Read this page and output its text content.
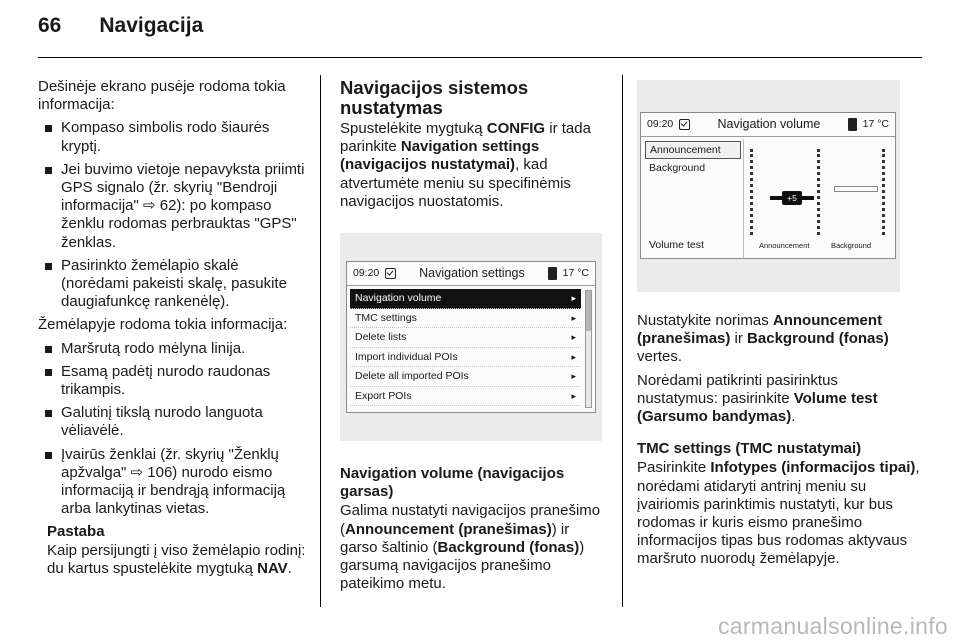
66 Navigacija

Dešinėje ekrano pusėje rodoma tokia informacija:

Kompaso simbolis rodo šiaurės kryptį.
Jei buvimo vietoje nepavyksta priimti GPS signalo (žr. skyrių "Bendroji informacija" ⇨ 62): po kompaso ženklu rodomas perbrauktas "GPS" ženklas.
Pasirinkto žemėlapio skalė (norėdami pakeisti skalę, pasukite daugiafunkcę rankenėlę).

Žemėlapyje rodoma tokia informacija:

Maršrutą rodo mėlyna linija.
Esamą padėtį nurodo raudonas trikampis.
Galutinį tikslą nurodo languota vėliavėlė.
Įvairūs ženklai (žr. skyrių "Ženklų apžvalga" ⇨ 106) nurodo eismo informaciją ir bendrąją informaciją arba lankytinas vietas.
Pastaba
Kaip persijungti į viso žemėlapio rodinį: du kartus spustelėkite mygtuką NAV.
Navigacijos sistemos nustatymas

Spustelėkite mygtuką CONFIG ir tada parinkite Navigation settings (navigacijos nustatymai), kad atvertumėte meniu su specifinėmis navigacijos nuostatomis.

09:20	Navigation settings	17 °C
Navigation volume	▸
TMC settings	▸
Delete lists	▸
Import individual POIs	▸
Delete all imported POIs	▸
Export POIs	▸
Navigation volume (navigacijos garsas)

Galima nustatyti navigacijos pranešimo (Announcement (pranešimas)) ir garso šaltinio (Background (fonas)) garsumą navigacijos pranešimo pateikimo metu.

09:20	Navigation volume	17 °C
Announcement
Background
Volume test
+5
Announcement	Background

Nustatykite norimas Announcement (pranešimas) ir Background (fonas) vertes.

Norėdami patikrinti pasirinktus nustatymus: pasirinkite Volume test (Garsumo bandymas).

TMC settings (TMC nustatymai)

Pasirinkite Infotypes (informacijos tipai), norėdami atidaryti antrinį meniu su įvairiomis parinktimis nustatyti, kur bus rodomas ir kuris eismo pranešimo informacijos tipas bus rodomas aktyvaus maršruto nuorodų žemėlapyje.

carmanualsonline.info
